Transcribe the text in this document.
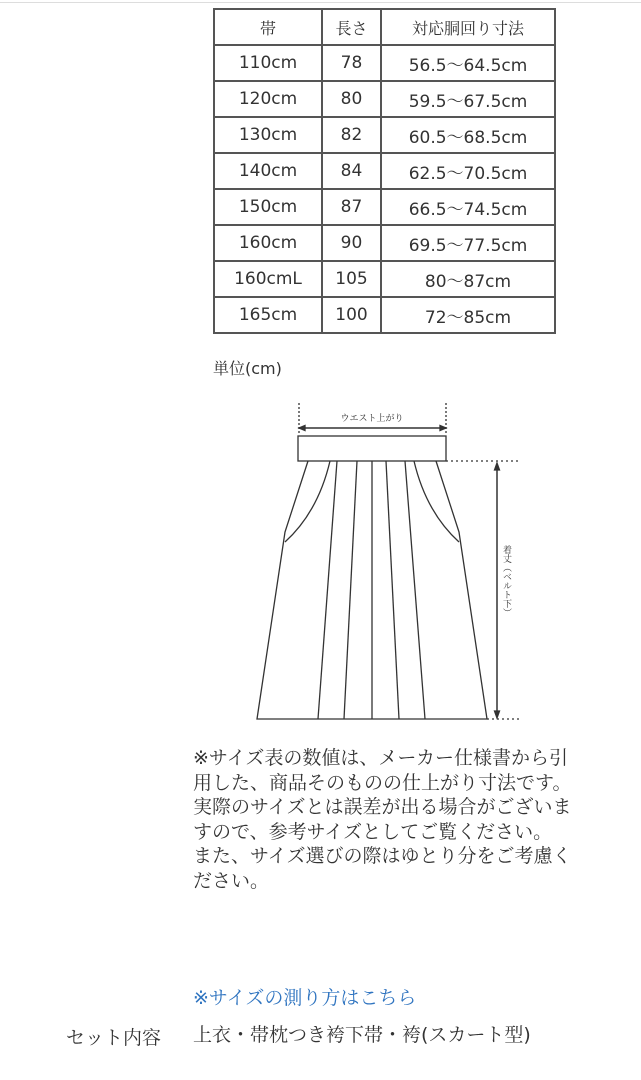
帯	長さ	対応胴回り寸法
110cm	78	56.5〜64.5cm
120cm	80	59.5〜67.5cm
130cm	82	60.5〜68.5cm
140cm	84	62.5〜70.5cm
150cm	87	66.5〜74.5cm
160cm	90	69.5〜77.5cm
160cmL	105	80〜87cm
165cm	100	72〜85cm
単位(cm)
ウエスト上がり
着丈（ベルト下）
※サイズ表の数値は、メーカー仕様書から引用した、商品そのものの仕上がり寸法です。
実際のサイズとは誤差が出る場合がございますので、参考サイズとしてご覧ください。
また、サイズ選びの際はゆとり分をご考慮ください。
※サイズの測り方はこちら
セット内容 上衣・帯枕つき袴下帯・袴(スカート型)
